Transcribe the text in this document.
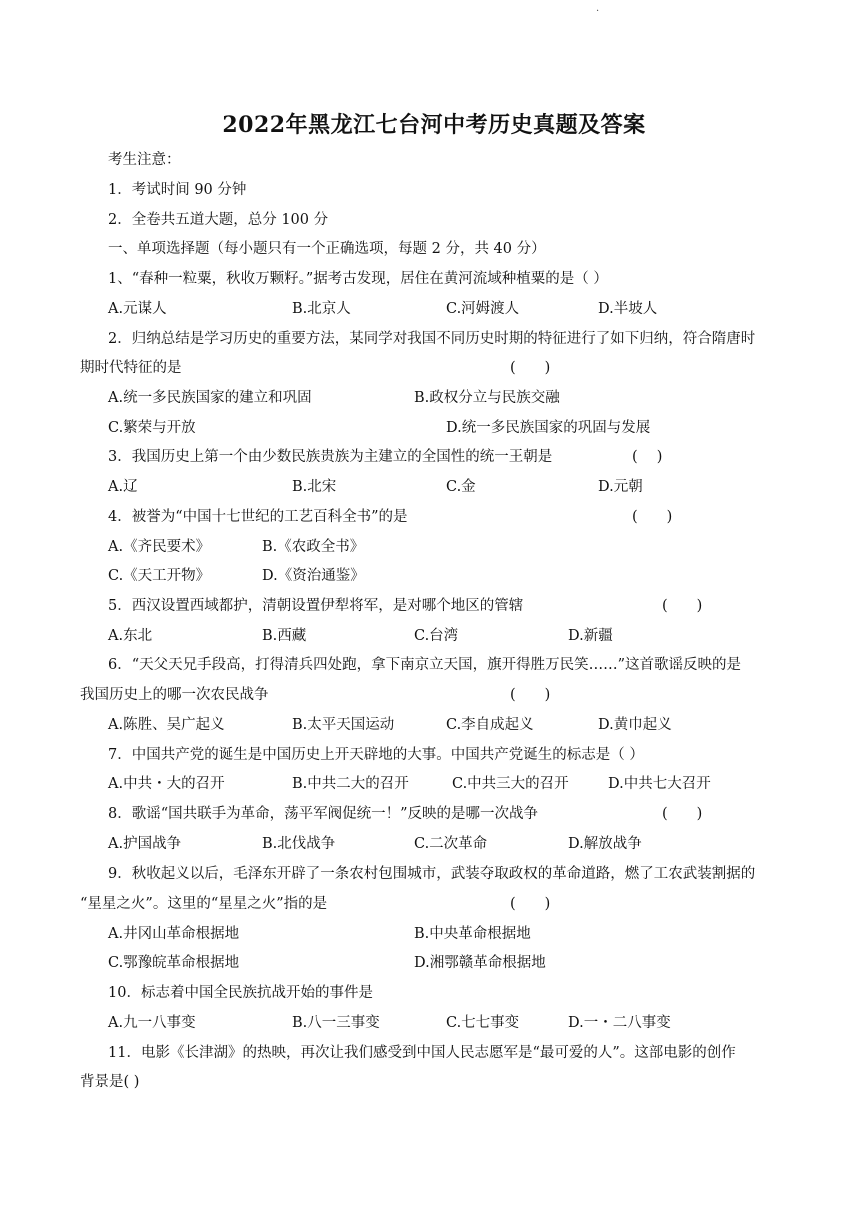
·
2022年黑龙江七台河中考历史真题及答案
考生注意：
1．考试时间 90 分钟
2．全卷共五道大题，总分 100 分
一、单项选择题（每小题只有一个正确选项，每题 2 分，共 40 分）
1、“春种一粒粟，秋收万颗籽。”据考古发现，居住在黄河流域种植粟的是（ ）
A.元谋人	B.北京人	C.河姆渡人	D.半坡人
2．归纳总结是学习历史的重要方法，某同学对我国不同历史时期的特征进行了如下归纳，符合隋唐时
期时代特征的是	(　　)
A.统一多民族国家的建立和巩固	B.政权分立与民族交融
C.繁荣与开放	D.统一多民族国家的巩固与发展
3．我国历史上第一个由少数民族贵族为主建立的全国性的统一王朝是	(　 )
A.辽	B.北宋	C.金	D.元朝
4．被誉为“中国十七世纪的工艺百科全书”的是	(　　)
A.《齐民要术》	B.《农政全书》
C.《天工开物》	D.《资治通鉴》
5．西汉设置西域都护，清朝设置伊犁将军，是对哪个地区的管辖	(　　)
A.东北	B.西藏	C.台湾	D.新疆
6．“天父天兄手段高，打得清兵四处跑，拿下南京立天国，旗开得胜万民笑……”这首歌谣反映的是
我国历史上的哪一次农民战争	(　　)
A.陈胜、吴广起义	B.太平天国运动	C.李自成起义	D.黄巾起义
7．中国共产党的诞生是中国历史上开天辟地的大事。中国共产党诞生的标志是（ ）
A.中共・大的召开	B.中共二大的召开	C.中共三大的召开	D.中共七大召开
8．歌谣“国共联手为革命，荡平军阀促统一！”反映的是哪一次战争	(　　)
A.护国战争	B.北伐战争	C.二次革命	D.解放战争
9．秋收起义以后，毛泽东开辟了一条农村包围城市，武装夺取政权的革命道路，燃了工农武装割据的
“星星之火”。这里的“星星之火”指的是	(　　)
A.井冈山革命根据地	B.中央革命根据地
C.鄂豫皖革命根据地	D.湘鄂赣革命根据地
10．标志着中国全民族抗战开始的事件是
A.九一八事变	B.八一三事变	C.七七事变	D.一・二八事变
11．电影《长津湖》的热映，再次让我们感受到中国人民志愿军是“最可爱的人”。这部电影的创作
背景是( )
